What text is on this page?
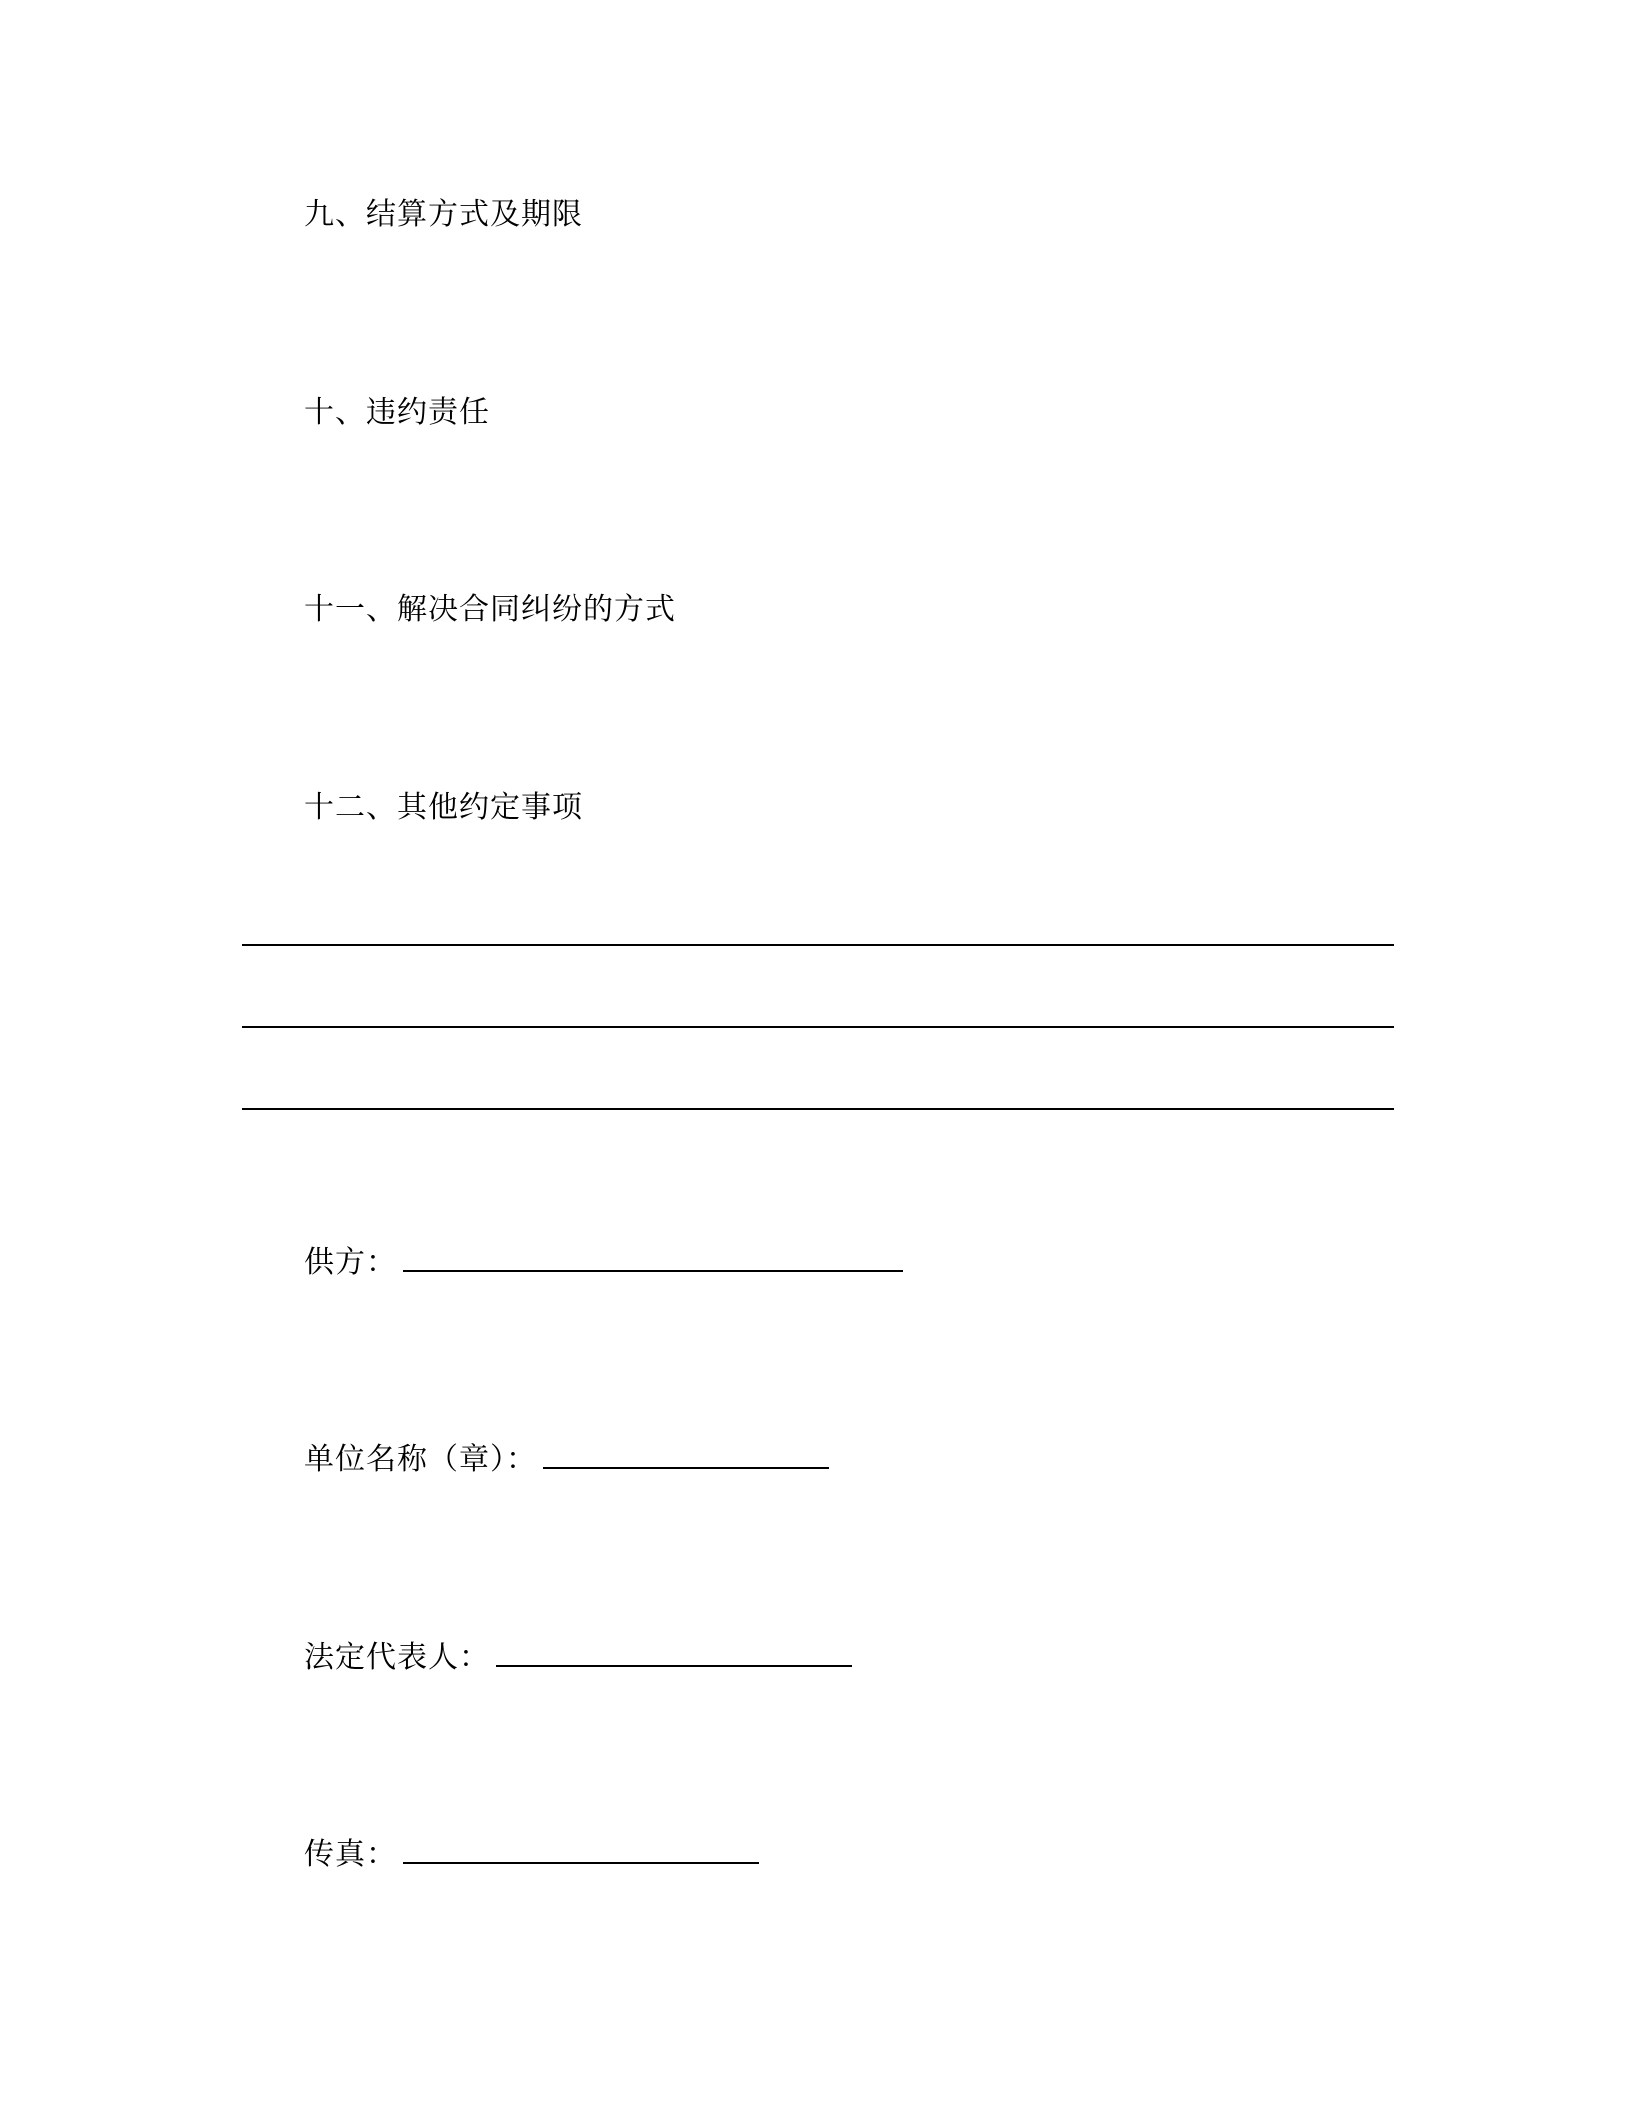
九、结算方式及期限
十、违约责任
十一、解决合同纠纷的方式
十二、其他约定事项
供方：
单位名称（章）：
法定代表人：
传真：
